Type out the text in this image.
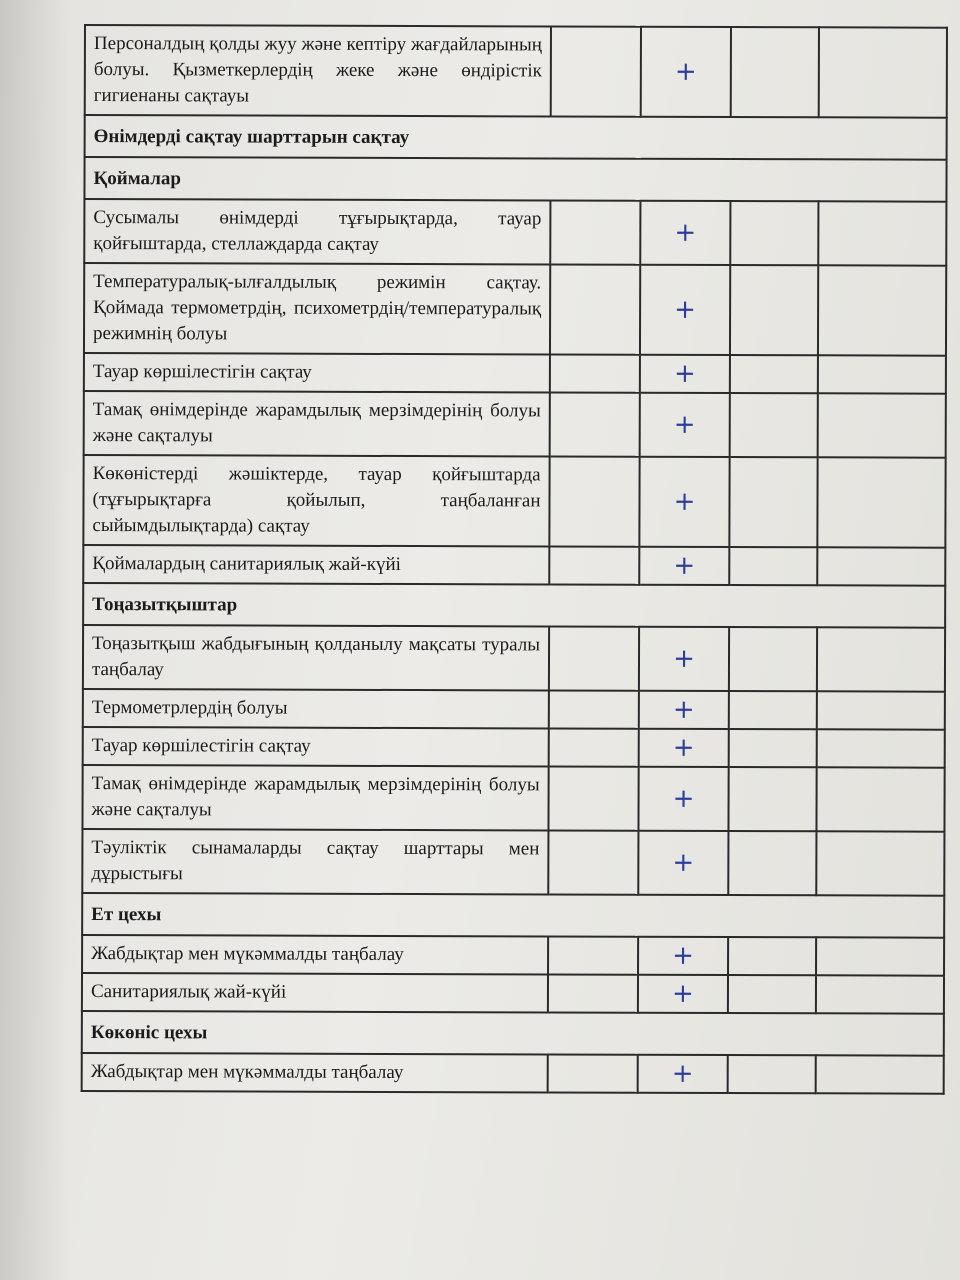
Персоналдың қолды жуу және кептіру жағдайларының болуы. Қызметкерлердің жеке және өндірістік гигиенаны сақтауы		+		
Өнімдерді сақтау шарттарын сақтау				
Қоймалар				
Сусымалы өнімдерді тұғырықтарда, тауар қойғыштарда, стеллаждарда сақтау		+		
Температуралық-ылғалдылық режимін сақтау. Қоймада термометрдің, психометрдің/температуралық режимнің болуы		+		
Тауар көршілестігін сақтау		+		
Тамақ өнімдерінде жарамдылық мерзімдерінің болуы және сақталуы		+		
Көкөністерді жәшіктерде, тауар қойғыштарда (тұғырықтарға қойылып, таңбаланған сыйымдылықтарда) сақтау		+		
Қоймалардың санитариялық жай-күйі		+		
Тоңазытқыштар				
Тоңазытқыш жабдығының қолданылу мақсаты туралы таңбалау		+		
Термометрлердің болуы		+		
Тауар көршілестігін сақтау		+		
Тамақ өнімдерінде жарамдылық мерзімдерінің болуы және сақталуы		+		
Тәуліктік сынамаларды сақтау шарттары мен дұрыстығы		+		
Ет цехы				
Жабдықтар мен мүкәммалды таңбалау		+		
Санитариялық жай-күйі		+		
Көкөніс цехы				
Жабдықтар мен мүкәммалды таңбалау		+		
